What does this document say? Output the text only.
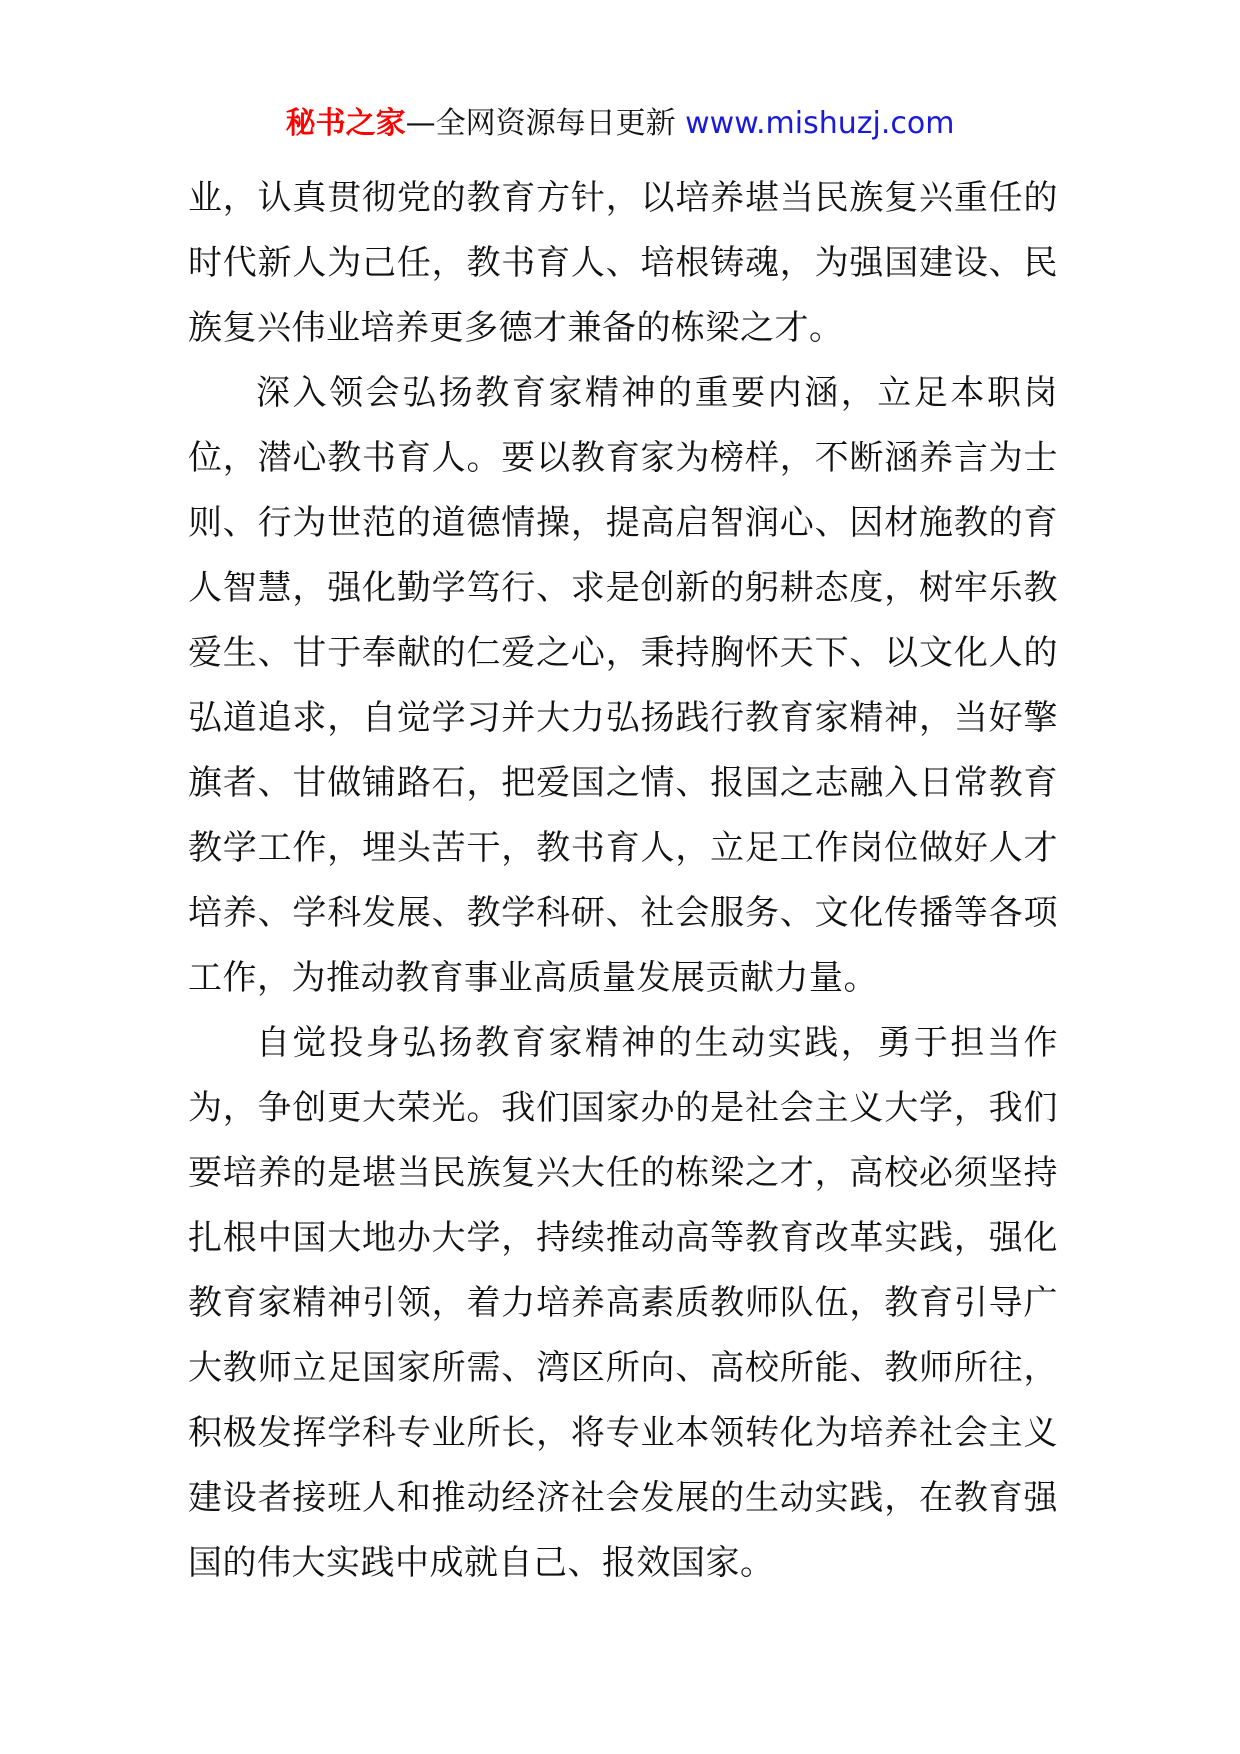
秘书之家—全网资源每日更新 www.mishuzj.com

业，认真贯彻党的教育方针，以培养堪当民族复兴重任的时代新人为己任，教书育人、培根铸魂，为强国建设、民族复兴伟业培养更多德才兼备的栋梁之才。

深入领会弘扬教育家精神的重要内涵，立足本职岗位，潜心教书育人。要以教育家为榜样，不断涵养言为士则、行为世范的道德情操，提高启智润心、因材施教的育人智慧，强化勤学笃行、求是创新的躬耕态度，树牢乐教爱生、甘于奉献的仁爱之心，秉持胸怀天下、以文化人的弘道追求，自觉学习并大力弘扬践行教育家精神，当好擎旗者、甘做铺路石，把爱国之情、报国之志融入日常教育教学工作，埋头苦干，教书育人，立足工作岗位做好人才培养、学科发展、教学科研、社会服务、文化传播等各项工作，为推动教育事业高质量发展贡献力量。

自觉投身弘扬教育家精神的生动实践，勇于担当作为，争创更大荣光。我们国家办的是社会主义大学，我们要培养的是堪当民族复兴大任的栋梁之才，高校必须坚持扎根中国大地办大学，持续推动高等教育改革实践，强化教育家精神引领，着力培养高素质教师队伍，教育引导广大教师立足国家所需、湾区所向、高校所能、教师所往，积极发挥学科专业所长，将专业本领转化为培养社会主义建设者接班人和推动经济社会发展的生动实践，在教育强国的伟大实践中成就自己、报效国家。
